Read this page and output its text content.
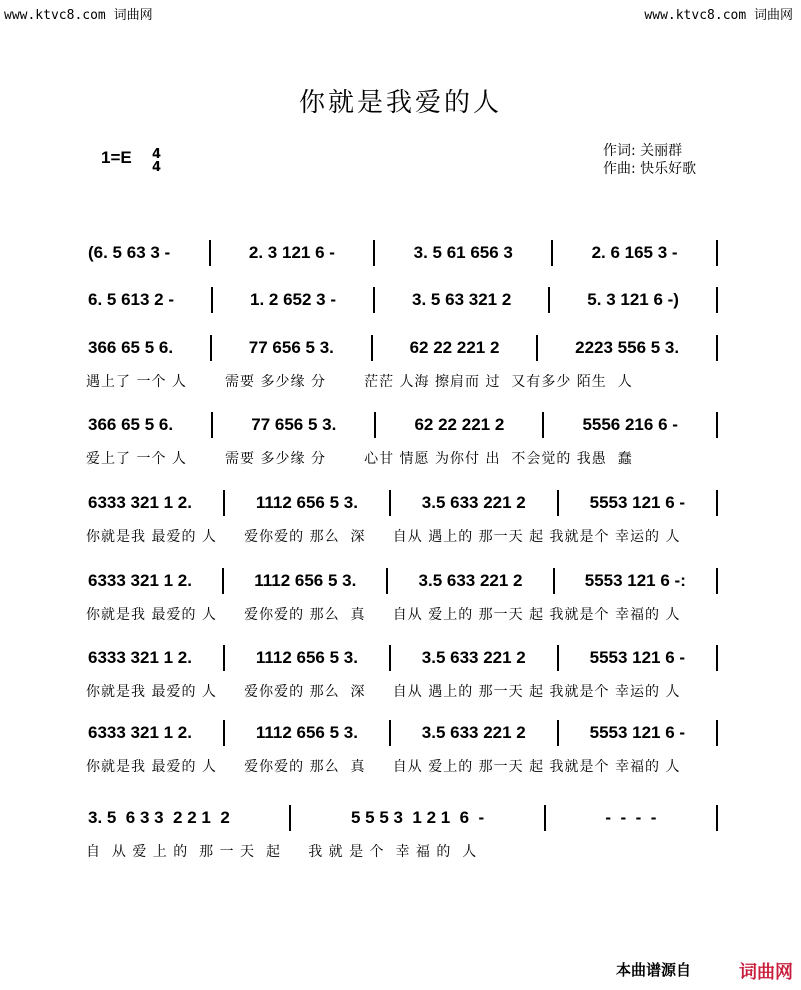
www.ktvc8.com 词曲网	www.ktvc8.com 词曲网
你就是我爱的人
1=E 4
4
作词: 关丽群
作曲: 快乐好歌
(6. 5 63 3 -	2. 3 121 6 -	3. 5 61 656 3	2. 6 165 3 -
6. 5 613 2 -	1. 2 652 3 -	3. 5 63 321 2	5. 3 121 6 -)
366 65 5 6.	77 656 5 3.	62 22 221 2	2223 556 5 3.
遇上了 一个 人       需要 多少缘 分       茫茫 人海 擦肩而 过  又有多少 陌生  人
366 65 5 6.	77 656 5 3.	62 22 221 2	5556 216 6 -
爱上了 一个 人       需要 多少缘 分       心甘 情愿 为你付 出  不会觉的 我愚  蠢
6333 321 1 2.	1112 656 5 3.	3.5 633 221 2	5553 121 6 -
你就是我 最爱的 人     爱你爱的 那么  深     自从 遇上的 那一天 起 我就是个 幸运的 人
6333 321 1 2.	1112 656 5 3.	3.5 633 221 2	5553 121 6 -:
你就是我 最爱的 人     爱你爱的 那么  真     自从 爱上的 那一天 起 我就是个 幸福的 人
6333 321 1 2.	1112 656 5 3.	3.5 633 221 2	5553 121 6 -
你就是我 最爱的 人     爱你爱的 那么  深     自从 遇上的 那一天 起 我就是个 幸运的 人
6333 321 1 2.	1112 656 5 3.	3.5 633 221 2	5553 121 6 -
你就是我 最爱的 人     爱你爱的 那么  真     自从 爱上的 那一天 起 我就是个 幸福的 人
3. 5  6 3 3  2 2 1  2	5 5 5 3  1 2 1  6  -	-  -  -  -
自  从 爱 上 的  那 一 天  起     我 就 是 个  幸 福 的  人
本曲谱源自	词曲网
